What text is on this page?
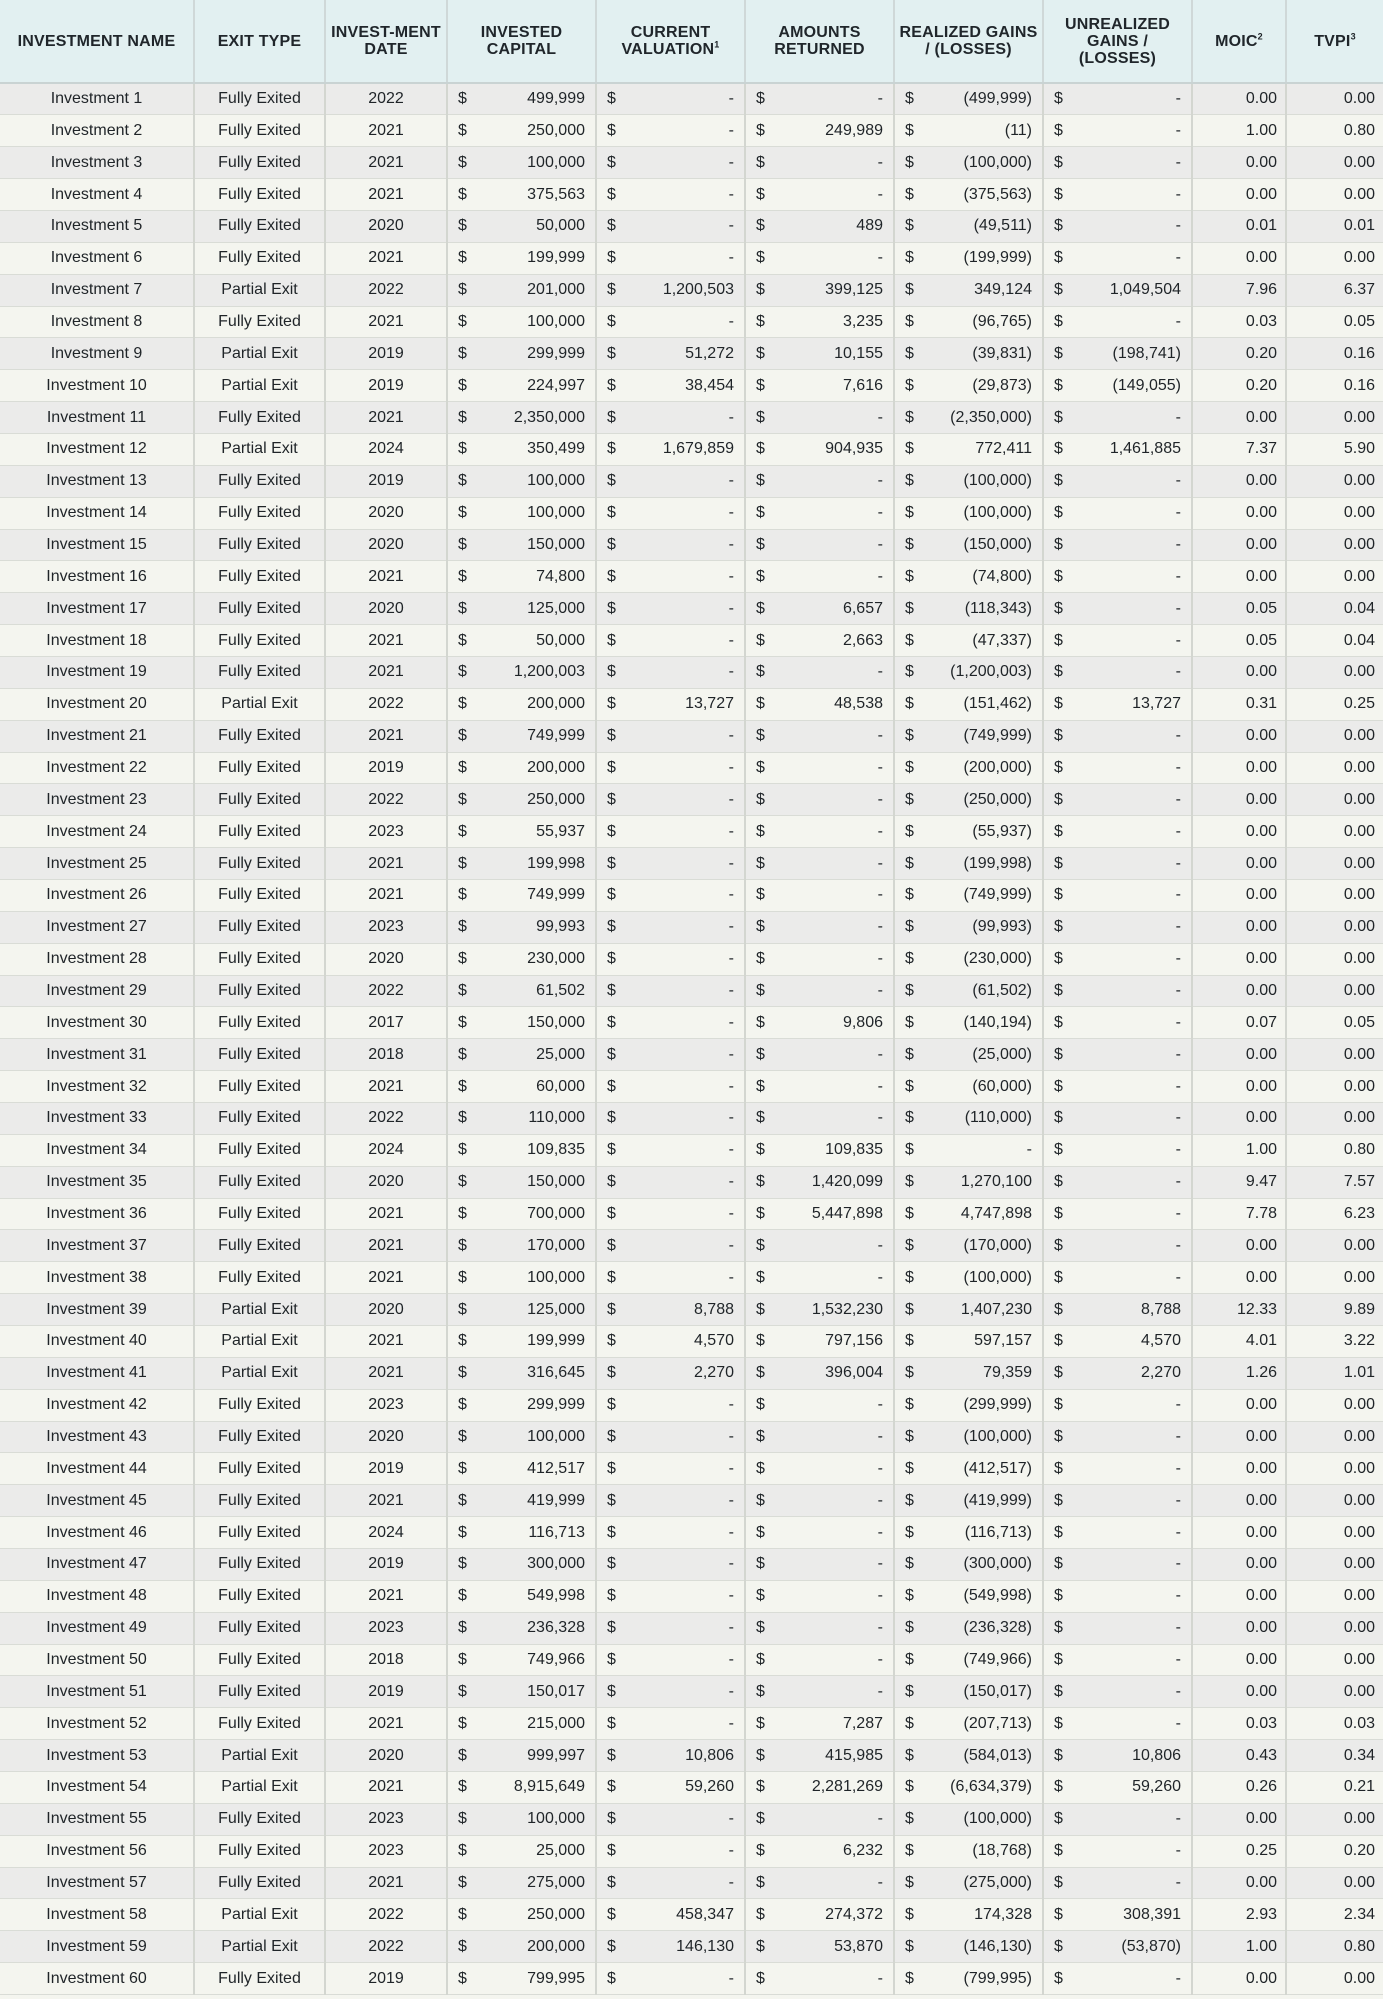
INVESTMENT NAME	EXIT TYPE	INVEST-MENT DATE	INVESTED CAPITAL	CURRENT VALUATION$^1$	AMOUNTS RETURNED	REALIZED GAINS / (LOSSES)	UNREALIZED GAINS / (LOSSES)	MOIC$^2$	TVPI$^3$
Investment 1	Fully Exited	2022	$ 499,999	$ -	$ -	$ (499,999)	$ -	0.00	0.00
Investment 2	Fully Exited	2021	$ 250,000	$ -	$ 249,989	$ (11)	$ -	1.00	0.80
Investment 3	Fully Exited	2021	$ 100,000	$ -	$ -	$ (100,000)	$ -	0.00	0.00
Investment 4	Fully Exited	2021	$ 375,563	$ -	$ -	$ (375,563)	$ -	0.00	0.00
Investment 5	Fully Exited	2020	$ 50,000	$ -	$ 489	$ (49,511)	$ -	0.01	0.01
Investment 6	Fully Exited	2021	$ 199,999	$ -	$ -	$ (199,999)	$ -	0.00	0.00
Investment 7	Partial Exit	2022	$ 201,000	$ 1,200,503	$ 399,125	$ 349,124	$ 1,049,504	7.96	6.37
Investment 8	Fully Exited	2021	$ 100,000	$ -	$ 3,235	$ (96,765)	$ -	0.03	0.05
Investment 9	Partial Exit	2019	$ 299,999	$ 51,272	$ 10,155	$ (39,831)	$ (198,741)	0.20	0.16
Investment 10	Partial Exit	2019	$ 224,997	$ 38,454	$ 7,616	$ (29,873)	$ (149,055)	0.20	0.16
Investment 11	Fully Exited	2021	$ 2,350,000	$ -	$ -	$ (2,350,000)	$ -	0.00	0.00
Investment 12	Partial Exit	2024	$ 350,499	$ 1,679,859	$ 904,935	$ 772,411	$ 1,461,885	7.37	5.90
Investment 13	Fully Exited	2019	$ 100,000	$ -	$ -	$ (100,000)	$ -	0.00	0.00
Investment 14	Fully Exited	2020	$ 100,000	$ -	$ -	$ (100,000)	$ -	0.00	0.00
Investment 15	Fully Exited	2020	$ 150,000	$ -	$ -	$ (150,000)	$ -	0.00	0.00
Investment 16	Fully Exited	2021	$ 74,800	$ -	$ -	$ (74,800)	$ -	0.00	0.00
Investment 17	Fully Exited	2020	$ 125,000	$ -	$ 6,657	$ (118,343)	$ -	0.05	0.04
Investment 18	Fully Exited	2021	$ 50,000	$ -	$ 2,663	$ (47,337)	$ -	0.05	0.04
Investment 19	Fully Exited	2021	$ 1,200,003	$ -	$ -	$ (1,200,003)	$ -	0.00	0.00
Investment 20	Partial Exit	2022	$ 200,000	$ 13,727	$ 48,538	$ (151,462)	$ 13,727	0.31	0.25
Investment 21	Fully Exited	2021	$ 749,999	$ -	$ -	$ (749,999)	$ -	0.00	0.00
Investment 22	Fully Exited	2019	$ 200,000	$ -	$ -	$ (200,000)	$ -	0.00	0.00
Investment 23	Fully Exited	2022	$ 250,000	$ -	$ -	$ (250,000)	$ -	0.00	0.00
Investment 24	Fully Exited	2023	$ 55,937	$ -	$ -	$ (55,937)	$ -	0.00	0.00
Investment 25	Fully Exited	2021	$ 199,998	$ -	$ -	$ (199,998)	$ -	0.00	0.00
Investment 26	Fully Exited	2021	$ 749,999	$ -	$ -	$ (749,999)	$ -	0.00	0.00
Investment 27	Fully Exited	2023	$ 99,993	$ -	$ -	$ (99,993)	$ -	0.00	0.00
Investment 28	Fully Exited	2020	$ 230,000	$ -	$ -	$ (230,000)	$ -	0.00	0.00
Investment 29	Fully Exited	2022	$ 61,502	$ -	$ -	$ (61,502)	$ -	0.00	0.00
Investment 30	Fully Exited	2017	$ 150,000	$ -	$ 9,806	$ (140,194)	$ -	0.07	0.05
Investment 31	Fully Exited	2018	$ 25,000	$ -	$ -	$ (25,000)	$ -	0.00	0.00
Investment 32	Fully Exited	2021	$ 60,000	$ -	$ -	$ (60,000)	$ -	0.00	0.00
Investment 33	Fully Exited	2022	$ 110,000	$ -	$ -	$ (110,000)	$ -	0.00	0.00
Investment 34	Fully Exited	2024	$ 109,835	$ -	$ 109,835	$ -	$ -	1.00	0.80
Investment 35	Fully Exited	2020	$ 150,000	$ -	$ 1,420,099	$ 1,270,100	$ -	9.47	7.57
Investment 36	Fully Exited	2021	$ 700,000	$ -	$ 5,447,898	$ 4,747,898	$ -	7.78	6.23
Investment 37	Fully Exited	2021	$ 170,000	$ -	$ -	$ (170,000)	$ -	0.00	0.00
Investment 38	Fully Exited	2021	$ 100,000	$ -	$ -	$ (100,000)	$ -	0.00	0.00
Investment 39	Partial Exit	2020	$ 125,000	$ 8,788	$ 1,532,230	$ 1,407,230	$ 8,788	12.33	9.89
Investment 40	Partial Exit	2021	$ 199,999	$ 4,570	$ 797,156	$ 597,157	$ 4,570	4.01	3.22
Investment 41	Partial Exit	2021	$ 316,645	$ 2,270	$ 396,004	$ 79,359	$ 2,270	1.26	1.01
Investment 42	Fully Exited	2023	$ 299,999	$ -	$ -	$ (299,999)	$ -	0.00	0.00
Investment 43	Fully Exited	2020	$ 100,000	$ -	$ -	$ (100,000)	$ -	0.00	0.00
Investment 44	Fully Exited	2019	$ 412,517	$ -	$ -	$ (412,517)	$ -	0.00	0.00
Investment 45	Fully Exited	2021	$ 419,999	$ -	$ -	$ (419,999)	$ -	0.00	0.00
Investment 46	Fully Exited	2024	$ 116,713	$ -	$ -	$ (116,713)	$ -	0.00	0.00
Investment 47	Fully Exited	2019	$ 300,000	$ -	$ -	$ (300,000)	$ -	0.00	0.00
Investment 48	Fully Exited	2021	$ 549,998	$ -	$ -	$ (549,998)	$ -	0.00	0.00
Investment 49	Fully Exited	2023	$ 236,328	$ -	$ -	$ (236,328)	$ -	0.00	0.00
Investment 50	Fully Exited	2018	$ 749,966	$ -	$ -	$ (749,966)	$ -	0.00	0.00
Investment 51	Fully Exited	2019	$ 150,017	$ -	$ -	$ (150,017)	$ -	0.00	0.00
Investment 52	Fully Exited	2021	$ 215,000	$ -	$ 7,287	$ (207,713)	$ -	0.03	0.03
Investment 53	Partial Exit	2020	$ 999,997	$ 10,806	$ 415,985	$ (584,013)	$ 10,806	0.43	0.34
Investment 54	Partial Exit	2021	$ 8,915,649	$ 59,260	$ 2,281,269	$ (6,634,379)	$ 59,260	0.26	0.21
Investment 55	Fully Exited	2023	$ 100,000	$ -	$ -	$ (100,000)	$ -	0.00	0.00
Investment 56	Fully Exited	2023	$ 25,000	$ -	$ 6,232	$ (18,768)	$ -	0.25	0.20
Investment 57	Fully Exited	2021	$ 275,000	$ -	$ -	$ (275,000)	$ -	0.00	0.00
Investment 58	Partial Exit	2022	$ 250,000	$ 458,347	$ 274,372	$ 174,328	$ 308,391	2.93	2.34
Investment 59	Partial Exit	2022	$ 200,000	$ 146,130	$ 53,870	$ (146,130)	$ (53,870)	1.00	0.80
Investment 60	Fully Exited	2019	$ 799,995	$ -	$ -	$ (799,995)	$ -	0.00	0.00
